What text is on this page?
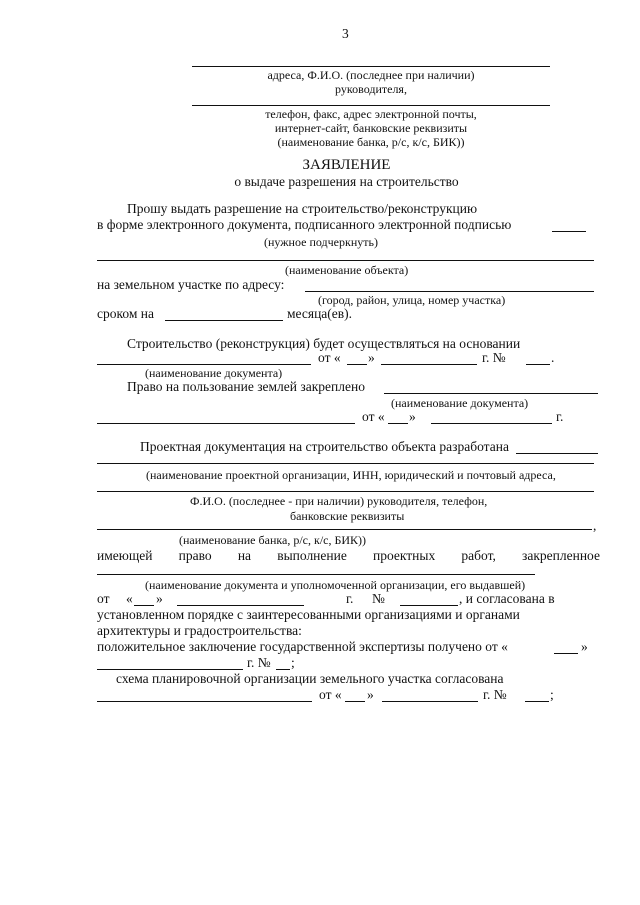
3
адреса, Ф.И.О. (последнее при наличии)
руководителя,
телефон, факс, адрес электронной почты,
интернет-сайт, банковские реквизиты
(наименование банка, р/с, к/с, БИК))
ЗАЯВЛЕНИЕ
о выдаче разрешения на строительство
Прошу выдать разрешение на строительство/реконструкцию
в форме электронного документа, подписанного электронной подписью
(нужное подчеркнуть)
(наименование объекта)
на земельном участке по адресу:
(город, район, улица, номер участка)
сроком на	месяца(ев).
Строительство (реконструкция) будет осуществляться на основании
от « »	г. №	.
(наименование документа)
Право на пользование землей закреплено
(наименование документа)
от « »	г.
Проектная документация на строительство объекта разработана
(наименование проектной организации, ИНН, юридический и почтовый адреса,
Ф.И.О. (последнее - при наличии) руководителя, телефон,
банковские реквизиты
,
(наименование банка, р/с, к/с, БИК))
имеющей право на выполнение проектных работ, закрепленное
(наименование документа и уполномоченной организации, его выдавшей)
от « »	г. №	, и согласована в
установленном порядке с заинтересованными организациями и органами
архитектуры и градостроительства:
положительное заключение государственной экспертизы получено от «	»
г. № ;
схема планировочной организации земельного участка согласована
от « »	г. №	;
